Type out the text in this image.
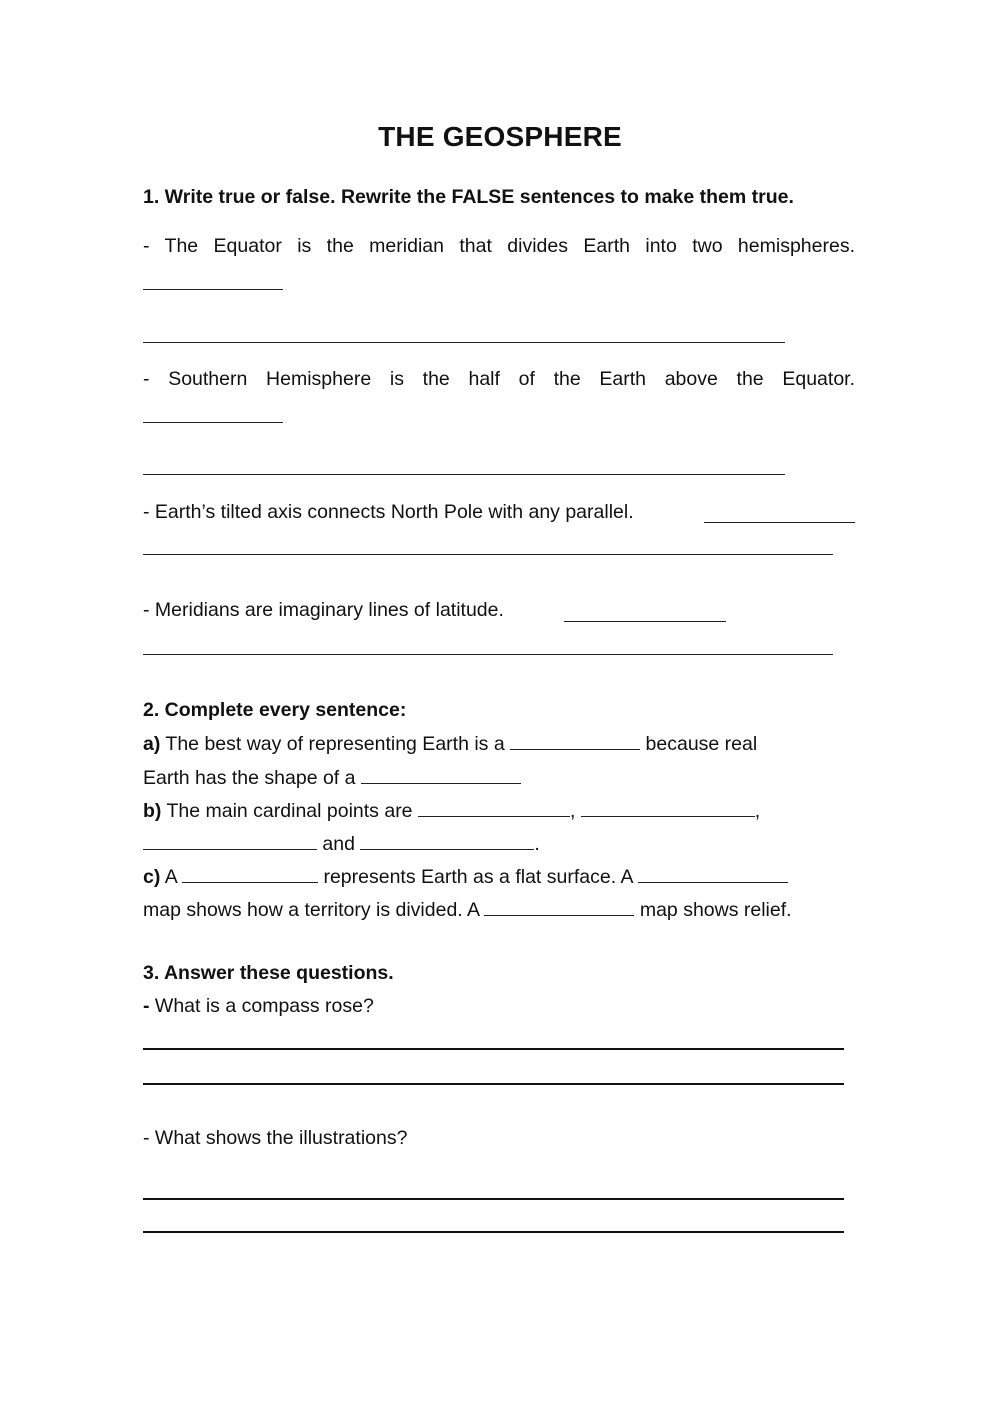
THE GEOSPHERE
1. Write true or false. Rewrite the FALSE sentences to make them true.
- The Equator is the meridian that divides Earth into two hemispheres.
- Southern Hemisphere is the half of the Earth above the Equator.
- Earth’s tilted axis connects North Pole with any parallel.
- Meridians are imaginary lines of latitude.
2. Complete every sentence:
a) The best way of representing Earth is a	because real
Earth has the shape of a
b) The main cardinal points are	,	,
and	.
c) A	represents Earth as a flat surface. A
map shows how a territory is divided. A	map shows relief.
3. Answer these questions.
- What is a compass rose?
- What shows the illustrations?
